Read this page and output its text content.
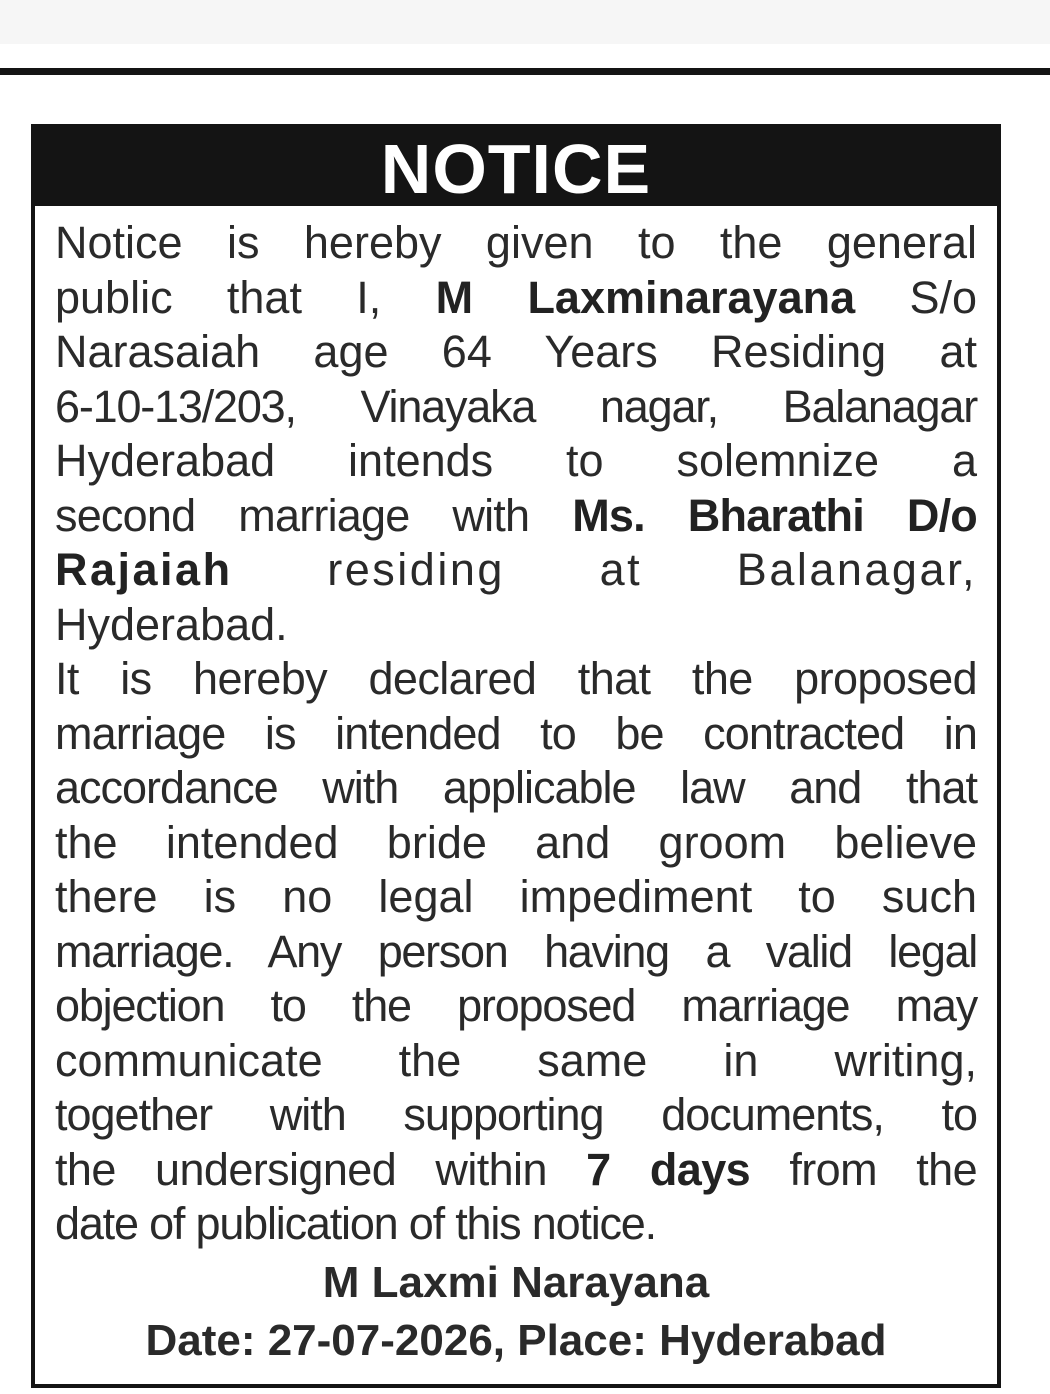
NOTICE
Notice is hereby given to the general
public that I, M Laxminarayana S/o
Narasaiah age 64 Years Residing at
6-10-13/203, Vinayaka nagar, Balanagar
Hyderabad intends to solemnize a
second marriage with Ms. Bharathi D/o
Rajaiah residing at Balanagar,
Hyderabad.
It is hereby declared that the proposed
marriage is intended to be contracted in
accordance with applicable law and that
the intended bride and groom believe
there is no legal impediment to such
marriage. Any person having a valid legal
objection to the proposed marriage may
communicate the same in writing,
together with supporting documents, to
the undersigned within 7 days from the
date of publication of this notice.
M Laxmi Narayana
Date: 27-07-2026, Place: Hyderabad
